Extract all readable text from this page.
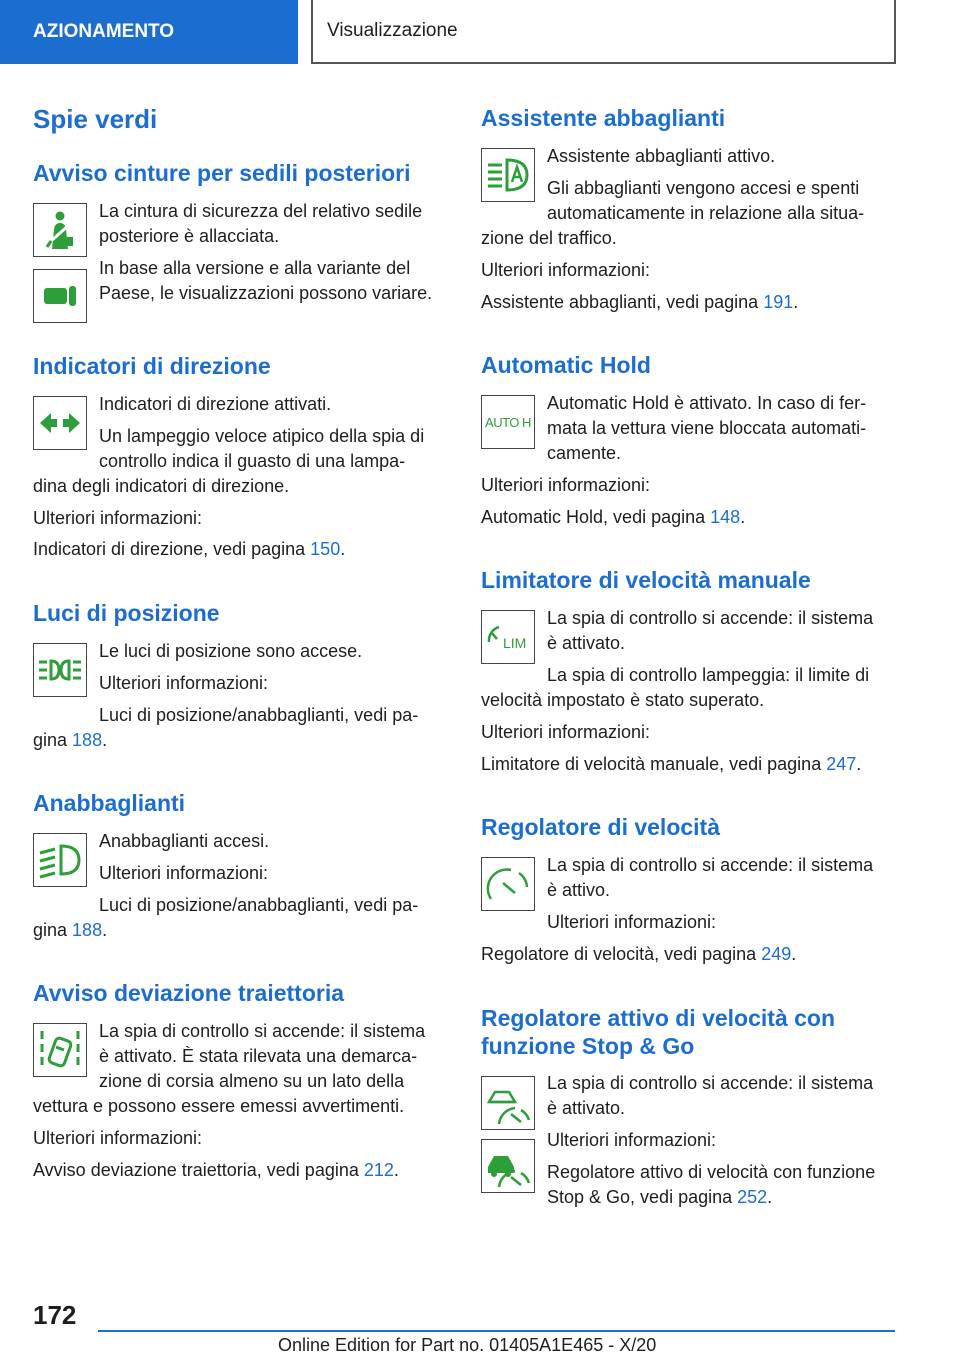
AZIONAMENTO	Visualizzazione
Spie verdi
Avviso cinture per sedili posteriori

La cintura di sicurezza del relativo sedile posteriore è allacciata.

In base alla versione e alla variante del Paese, le visualizzazioni possono variare.

Indicatori di direzione

Indicatori di direzione attivati.

Un lampeggio veloce atipico della spia di

controllo indica il guasto di una lampa-

dina degli indicatori di direzione.

Ulteriori informazioni:

Indicatori di direzione, vedi pagina 150.

Luci di posizione

Le luci di posizione sono accese.

Ulteriori informazioni:

Luci di posizione/anabbaglianti, vedi pa-

gina 188.

Anabbaglianti

Anabbaglianti accesi.

Ulteriori informazioni:

Luci di posizione/anabbaglianti, vedi pa-

gina 188.

Avviso deviazione traiettoria

La spia di controllo si accende: il sistema

è attivato. È stata rilevata una demarca-

zione di corsia almeno su un lato della

vettura e possono essere emessi avvertimenti.

Ulteriori informazioni:

Avviso deviazione traiettoria, vedi pagina 212.

Assistente abbaglianti

Assistente abbaglianti attivo.

Gli abbaglianti vengono accesi e spenti

automaticamente in relazione alla situa-

zione del traffico.

Ulteriori informazioni:

Assistente abbaglianti, vedi pagina 191.

Automatic Hold
AUTO H

Automatic Hold è attivato. In caso di fer-

mata la vettura viene bloccata automati-

camente.

Ulteriori informazioni:

Automatic Hold, vedi pagina 148.

Limitatore di velocità manuale
LIM

La spia di controllo si accende: il sistema

è attivato.

La spia di controllo lampeggia: il limite di

velocità impostato è stato superato.

Ulteriori informazioni:

Limitatore di velocità manuale, vedi pagina 247.

Regolatore di velocità

La spia di controllo si accende: il sistema

è attivo.

Ulteriori informazioni:

Regolatore di velocità, vedi pagina 249.

Regolatore attivo di velocità con
funzione Stop & Go

La spia di controllo si accende: il sistema

è attivato.

Ulteriori informazioni:

Regolatore attivo di velocità con funzione

Stop & Go, vedi pagina 252.

172
Online Edition for Part no. 01405A1E465 - X/20
